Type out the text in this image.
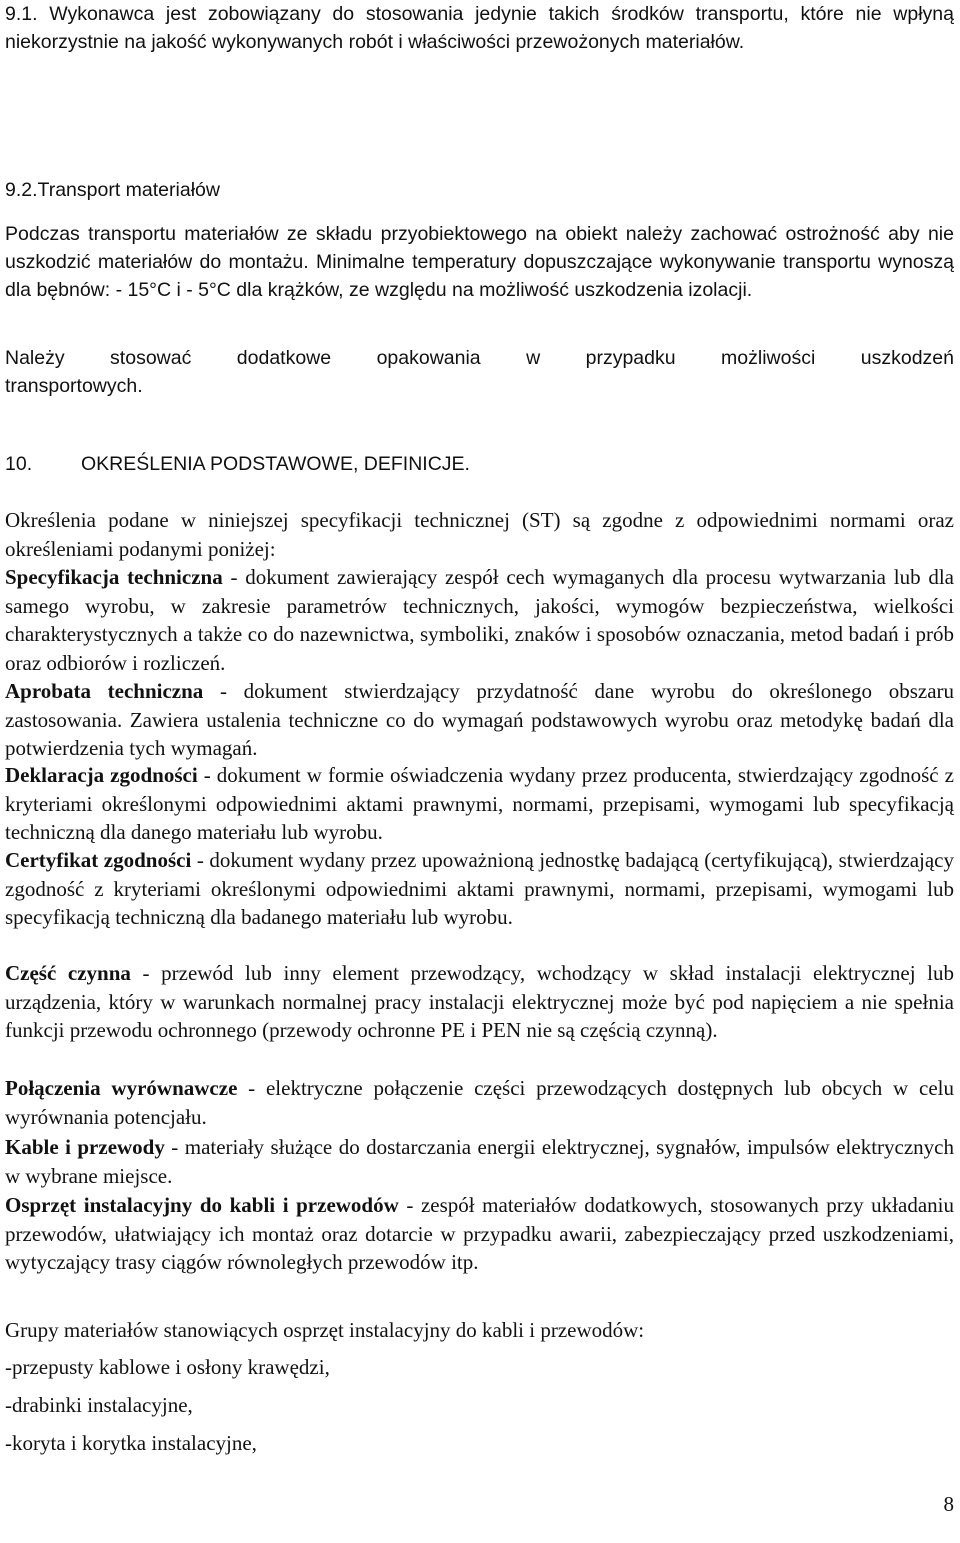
9.1. Wykonawca jest zobowiązany do stosowania jedynie takich środków transportu, które nie wpłyną niekorzystnie na jakość wykonywanych robót i właściwości przewożonych materiałów.

9.2.Transport materiałów

Podczas transportu materiałów ze składu przyobiektowego na obiekt należy zachować ostrożność aby nie uszkodzić materiałów do montażu. Minimalne temperatury dopuszczające wykonywanie transportu wynoszą dla bębnów: - 15°C i - 5°C dla krążków, ze względu na możliwość uszkodzenia izolacji.

Należy stosować dodatkowe opakowania w przypadku możliwości uszkodzeń

transportowych.

10.	OKREŚLENIA PODSTAWOWE, DEFINICJE.

Określenia podane w niniejszej specyfikacji technicznej (ST) są zgodne z odpowiednimi normami oraz określeniami podanymi poniżej:

Specyfikacja techniczna - dokument zawierający zespół cech wymaganych dla procesu wytwarzania lub dla samego wyrobu, w zakresie parametrów technicznych, jakości, wymogów bezpieczeństwa, wielkości charakterystycznych a także co do nazewnictwa, symboliki, znaków i sposobów oznaczania, metod badań i prób oraz odbiorów i rozliczeń.

Aprobata techniczna - dokument stwierdzający przydatność dane wyrobu do określonego obszaru zastosowania. Zawiera ustalenia techniczne co do wymagań podstawowych wyrobu oraz metodykę badań dla potwierdzenia tych wymagań.

Deklaracja zgodności - dokument w formie oświadczenia wydany przez producenta, stwierdzający zgodność z kryteriami określonymi odpowiednimi aktami prawnymi, normami, przepisami, wymogami lub specyfikacją techniczną dla danego materiału lub wyrobu.

Certyfikat zgodności - dokument wydany przez upoważnioną jednostkę badającą (certyfikującą), stwierdzający zgodność z kryteriami określonymi odpowiednimi aktami prawnymi, normami, przepisami, wymogami lub specyfikacją techniczną dla badanego materiału lub wyrobu.

Część czynna - przewód lub inny element przewodzący, wchodzący w skład instalacji elektrycznej lub urządzenia, który w warunkach normalnej pracy instalacji elektrycznej może być pod napięciem a nie spełnia funkcji przewodu ochronnego (przewody ochronne PE i PEN nie są częścią czynną).

Połączenia wyrównawcze - elektryczne połączenie części przewodzących dostępnych lub obcych w celu wyrównania potencjału.

Kable i przewody - materiały służące do dostarczania energii elektrycznej, sygnałów, impulsów elektrycznych w wybrane miejsce.

Osprzęt instalacyjny do kabli i przewodów - zespół materiałów dodatkowych, stosowanych przy układaniu przewodów, ułatwiający ich montaż oraz dotarcie w przypadku awarii, zabezpieczający przed uszkodzeniami, wytyczający trasy ciągów równoległych przewodów itp.

Grupy materiałów stanowiących osprzęt instalacyjny do kabli i przewodów:

-przepusty kablowe i osłony krawędzi,

-drabinki instalacyjne,

-koryta i korytka instalacyjne,

8
